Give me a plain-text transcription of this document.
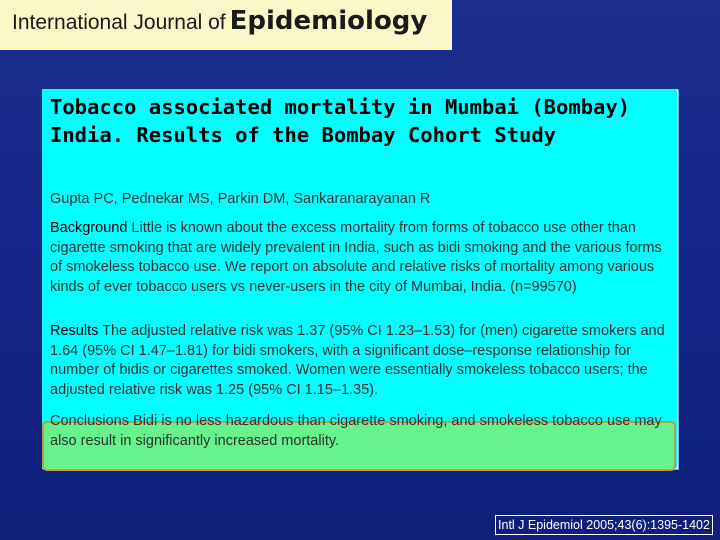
International Journal of Epidemiology
Tobacco associated mortality in Mumbai (Bombay) India. Results of the Bombay Cohort Study
Gupta PC, Pednekar MS, Parkin DM, Sankaranarayanan R

Background Little is known about the excess mortality from forms of tobacco use other than cigarette smoking that are widely prevalent in India, such as bidi smoking and the various forms of smokeless tobacco use. We report on absolute and relative risks of mortality among various kinds of ever tobacco users vs never-users in the city of Mumbai, India. (n=99570)

Results The adjusted relative risk was 1.37 (95% CI 1.23–1.53) for (men) cigarette smokers and 1.64 (95% CI 1.47–1.81) for bidi smokers, with a significant dose–response relationship for number of bidis or cigarettes smoked. Women were essentially smokeless tobacco users; the adjusted relative risk was 1.25 (95% CI 1.15–1.35).

Conclusions Bidi is no less hazardous than cigarette smoking, and smokeless tobacco use may also result in significantly increased mortality.

Intl J Epidemiol 2005;43(6):1395-1402
